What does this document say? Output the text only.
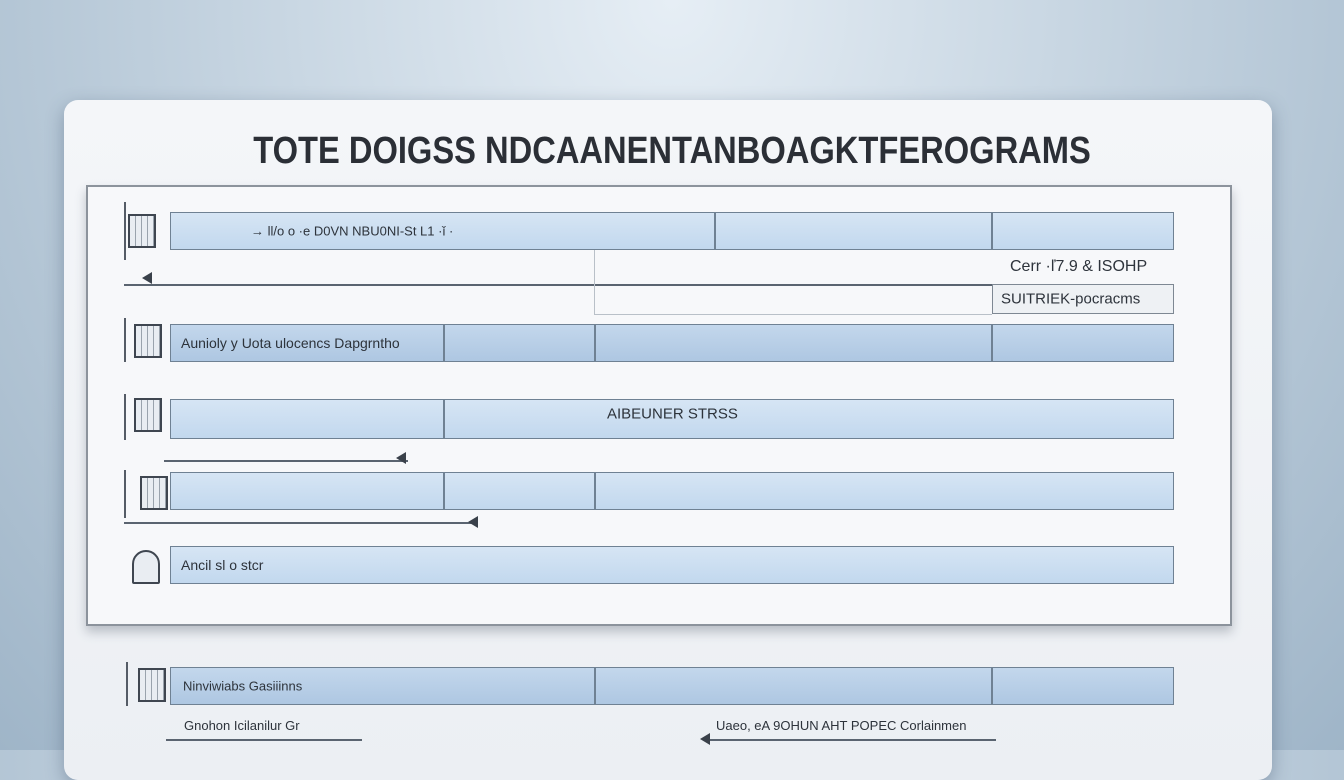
TOTE DOIGSS NDCAANENTANBOAGKTFEROGRAMS
→ ll/o o ·e D0VN NBU0NI-St L1 ·ǐ ·
Cerr ·ľ7.9 & ISOHP
SUITRIEK-pocracms
Aunioly y Uota ulocencs Dapgrntho
AIBEUNER STRSS
Ancil sl o stcr
Ninviwiabs Gasiiinns
Gnohon Icilanilur Gr	Uaeo, eA 9OHUN AHT POPEC Corlainmen
